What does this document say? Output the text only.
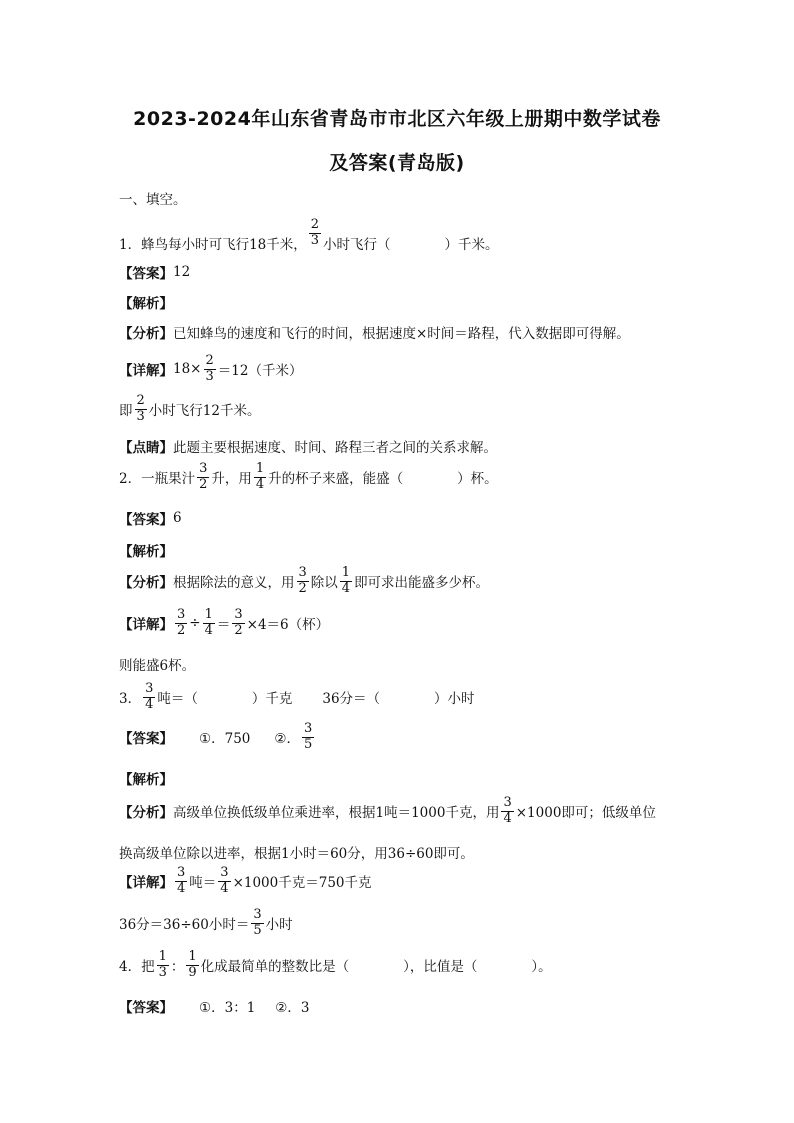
2023-2024年山东省青岛市市北区六年级上册期中数学试卷
及答案(青岛版)
一、填空。
1．蜂鸟每小时可飞行18千米， $\frac{2}{3}$ 小时飞行（　　　　）千米。
【答案】 12
【解析】
【分析】 已知蜂鸟的速度和飞行的时间，根据速度×时间＝路程，代入数据即可得解。
【详解】 $18\times \frac{2}{3} =12$（千米）
即 $\frac{2}{3}$ 小时飞行12千米。
【点睛】 此题主要根据速度、时间、路程三者之间的关系求解。
2．一瓶果汁 $\frac{3}{2}$ 升，用 $\frac{1}{4}$ 升的杯子来盛，能盛（　　　　）杯。
【答案】 6
【解析】
【分析】 根据除法的意义，用 $\frac{3}{2}$ 除以 $\frac{1}{4}$ 即可求出能盛多少杯。
【详解】 $\frac{3}{2} \div \frac{1}{4} = \frac{3}{2} \times 4=6$（杯）
则能盛6杯。
3． $\frac{3}{4}$ 吨＝（　　　　）千克 36分＝（　　　　）小时
【答案】 ①．750 ②． $\frac{3}{5}$
【解析】
【分析】 高级单位换低级单位乘进率，根据1吨＝1000千克，用 $\frac{3}{4} \times 1000$即可；低级单位
换高级单位除以进率，根据1小时＝60分，用36÷60即可。
【详解】 $\frac{3}{4}$ 吨＝ $\frac{3}{4} \times 1000$千克＝750千克
36分＝36÷60小时＝ $\frac{3}{5}$ 小时
4．把 $\frac{1}{3}$ ： $\frac{1}{9}$ 化成最简单的整数比是（　　　　），比值是（　　　　）。
【答案】 ①．3：1 ②．3
